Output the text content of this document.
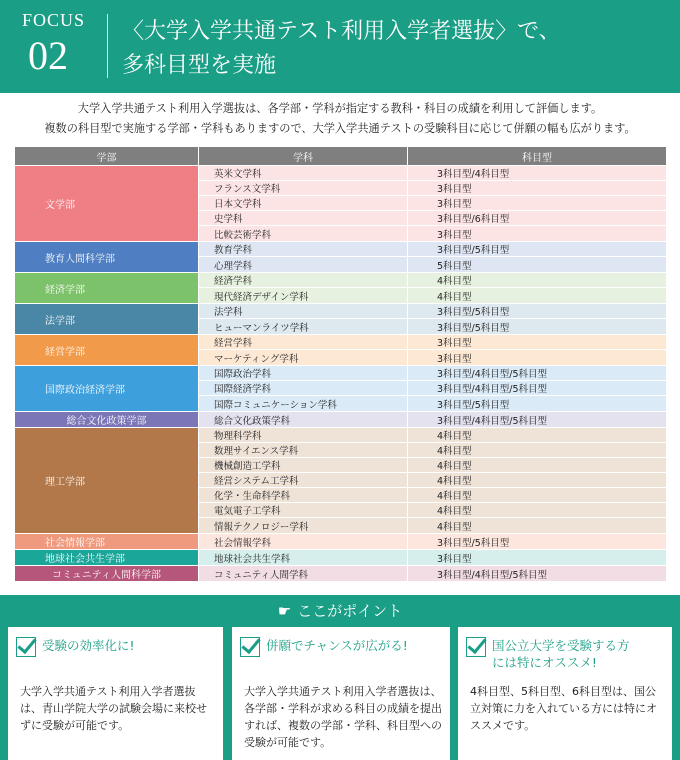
FOCUS
02
〈大学入学共通テスト利用入学者選抜〉で、
多科目型を実施
大学入学共通テスト利用入学選抜は、各学部・学科が指定する教科・科目の成績を利用して評価します。
複数の科目型で実施する学部・学科もありますので、大学入学共通テストの受験科目に応じて併願の幅も広がります。
学部	学科	科目型
文学部
英米文学科	3科目型/4科目型
フランス文学科	3科目型
日本文学科	3科目型
史学科	3科目型/6科目型
比較芸術学科	3科目型
教育人間科学部
教育学科	3科目型/5科目型
心理学科	5科目型
経済学部
経済学科	4科目型
現代経済デザイン学科	4科目型
法学部
法学科	3科目型/5科目型
ヒューマンライツ学科	3科目型/5科目型
経営学部
経営学科	3科目型
マーケティング学科	3科目型
国際政治経済学部
国際政治学科	3科目型/4科目型/5科目型
国際経済学科	3科目型/4科目型/5科目型
国際コミュニケーション学科	3科目型/5科目型
総合文化政策学部	総合文化政策学科	3科目型/4科目型/5科目型
理工学部
物理科学科	4科目型
数理サイエンス学科	4科目型
機械創造工学科	4科目型
経営システム工学科	4科目型
化学・生命科学科	4科目型
電気電子工学科	4科目型
情報テクノロジー学科	4科目型
社会情報学部	社会情報学科	3科目型/5科目型
地球社会共生学部	地球社会共生学科	3科目型
コミュニティ人間科学部	コミュニティ人間学科	3科目型/4科目型/5科目型
☛ ここがポイント
受験の効率化に!
大学入学共通テスト利用入学者選抜は、青山学院大学の試験会場に来校せずに受験が可能です。
併願でチャンスが広がる!
大学入学共通テスト利用入学者選抜は、各学部・学科が求める科目の成績を提出すれば、複数の学部・学科、科目型への受験が可能です。
国公立大学を受験する方
には特にオススメ!
4科目型、5科目型、6科目型は、国公立対策に力を入れている方には特にオススメです。
